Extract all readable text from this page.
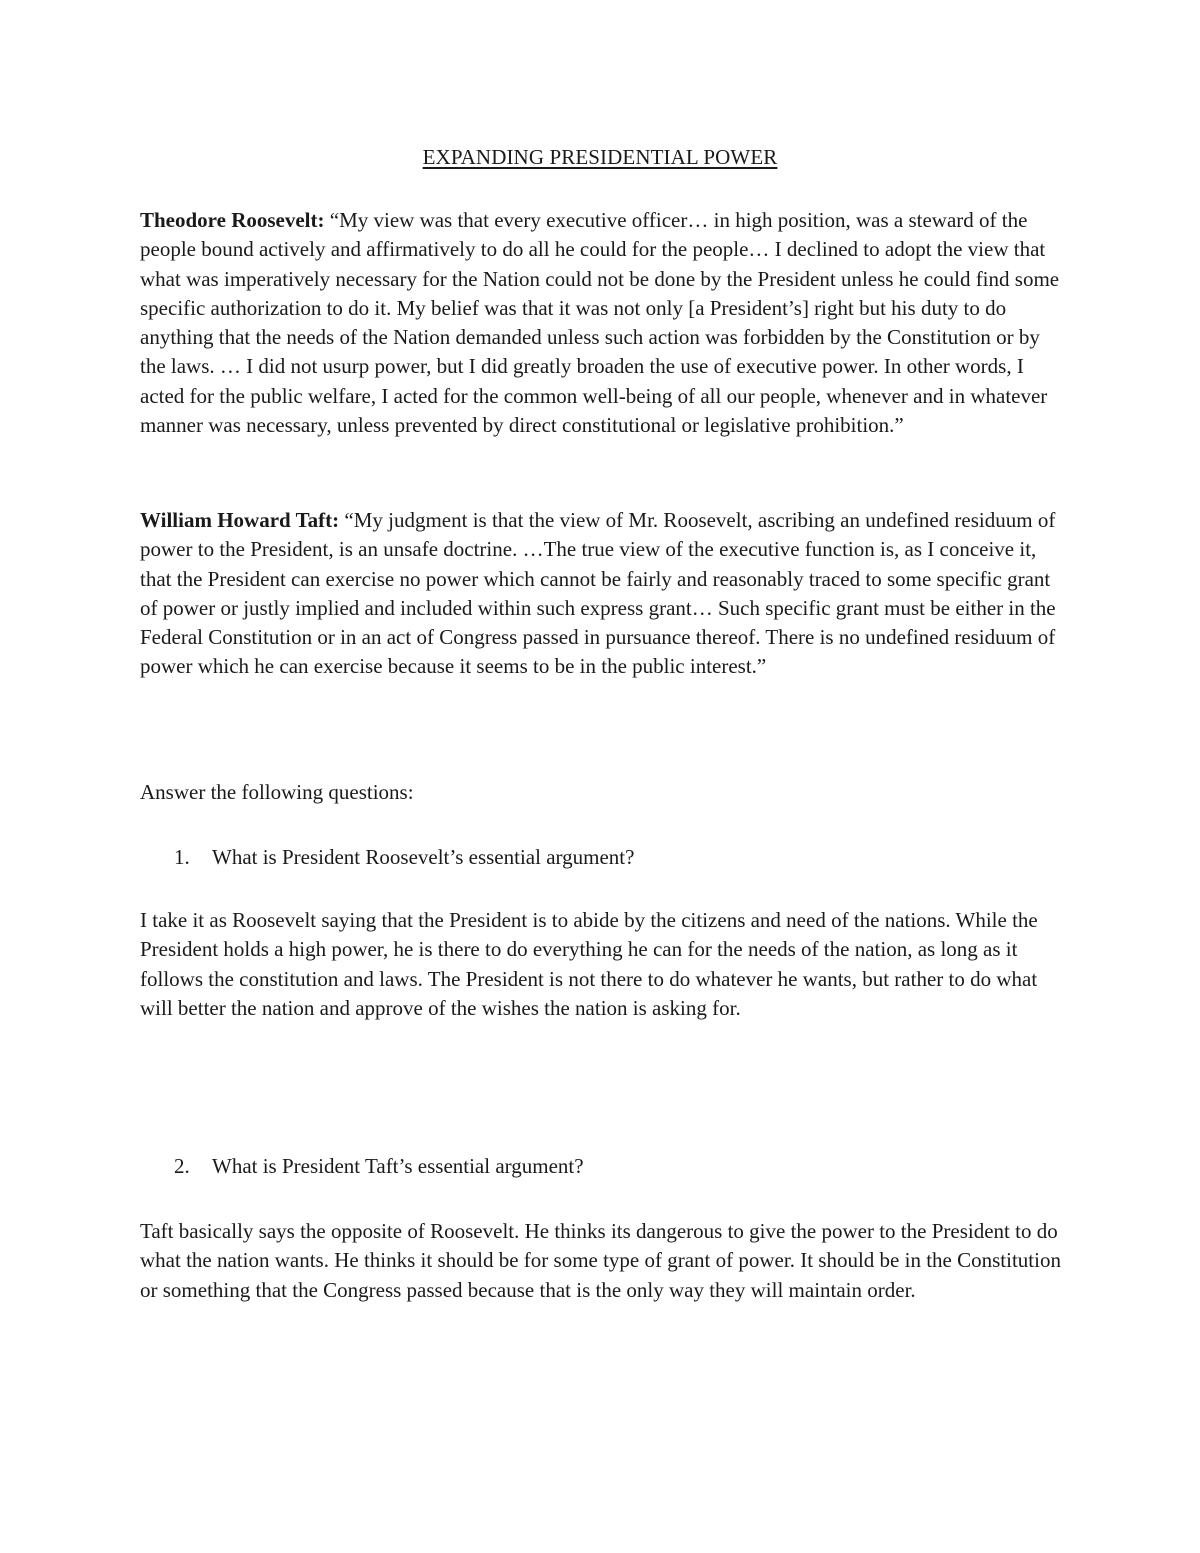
EXPANDING PRESIDENTIAL POWER

Theodore Roosevelt: “My view was that every executive officer… in high position, was a steward of the people bound actively and affirmatively to do all he could for the people… I declined to adopt the view that what was imperatively necessary for the Nation could not be done by the President unless he could find some specific authorization to do it. My belief was that it was not only [a President’s] right but his duty to do anything that the needs of the Nation demanded unless such action was forbidden by the Constitution or by the laws. … I did not usurp power, but I did greatly broaden the use of executive power. In other words, I acted for the public welfare, I acted for the common well-being of all our people, whenever and in whatever manner was necessary, unless prevented by direct constitutional or legislative prohibition.”

William Howard Taft: “My judgment is that the view of Mr. Roosevelt, ascribing an undefined residuum of power to the President, is an unsafe doctrine. …The true view of the executive function is, as I conceive it, that the President can exercise no power which cannot be fairly and reasonably traced to some specific grant of power or justly implied and included within such express grant… Such specific grant must be either in the Federal Constitution or in an act of Congress passed in pursuance thereof. There is no undefined residuum of power which he can exercise because it seems to be in the public interest.”

Answer the following questions:

1. What is President Roosevelt’s essential argument?

I take it as Roosevelt saying that the President is to abide by the citizens and need of the nations. While the President holds a high power, he is there to do everything he can for the needs of the nation, as long as it follows the constitution and laws. The President is not there to do whatever he wants, but rather to do what will better the nation and approve of the wishes the nation is asking for.

2. What is President Taft’s essential argument?

Taft basically says the opposite of Roosevelt. He thinks its dangerous to give the power to the President to do what the nation wants. He thinks it should be for some type of grant of power. It should be in the Constitution or something that the Congress passed because that is the only way they will maintain order.
